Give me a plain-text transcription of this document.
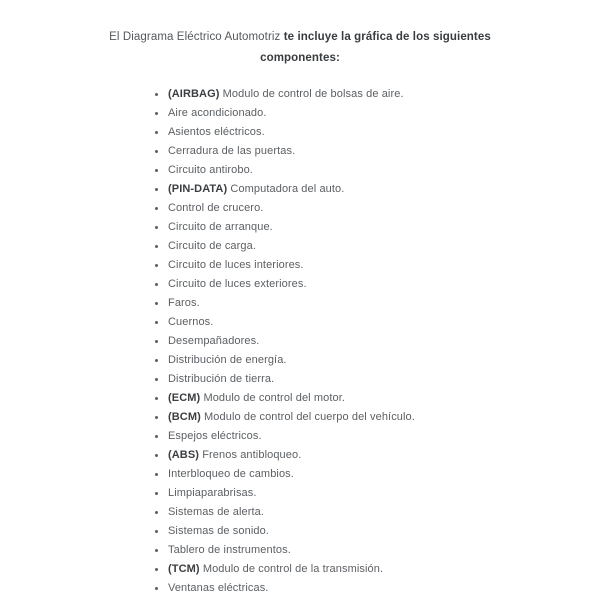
El Diagrama Eléctrico Automotriz te incluye la gráfica de los siguientes componentes:

• (AIRBAG) Modulo de control de bolsas de aire.
• Aire acondicionado.
• Asientos eléctricos.
• Cerradura de las puertas.
• Circuito antirobo.
• (PIN-DATA) Computadora del auto.
• Control de crucero.
• Circuito de arranque.
• Circuito de carga.
• Circuito de luces interiores.
• Circuito de luces exteriores.
• Faros.
• Cuernos.
• Desempañadores.
• Distribución de energía.
• Distribución de tierra.
• (ECM) Modulo de control del motor.
• (BCM) Modulo de control del cuerpo del vehículo.
• Espejos eléctricos.
• (ABS) Frenos antibloqueo.
• Interbloqueo de cambios.
• Limpiaparabrisas.
• Sistemas de alerta.
• Sistemas de sonido.
• Tablero de instrumentos.
• (TCM) Modulo de control de la transmisión.
• Ventanas eléctricas.
